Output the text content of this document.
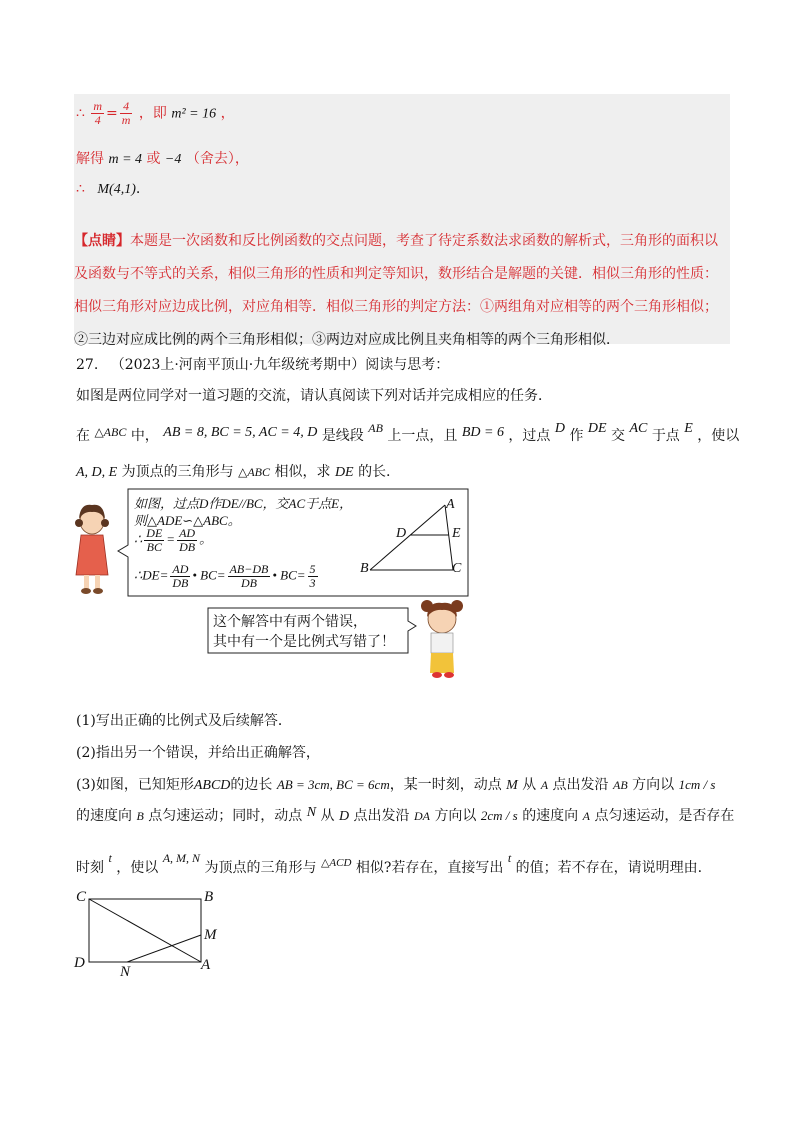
∴ $\frac{m}{4} = \frac{4}{m}$ ，即 m² = 16 ，
解得 m = 4 或 −4 （舍去），
∴ M(4,1).
【点睛】本题是一次函数和反比例函数的交点问题，考查了待定系数法求函数的解析式，三角形的面积以
及函数与不等式的关系，相似三角形的性质和判定等知识，数形结合是解题的关键．相似三角形的性质：
相似三角形对应边成比例，对应角相等．相似三角形的判定方法：①两组角对应相等的两个三角形相似；
②三边对应成比例的两个三角形相似；③两边对应成比例且夹角相等的两个三角形相似．
27. （2023上·河南平顶山·九年级统考期中）阅读与思考：
如图是两位同学对一道习题的交流，请认真阅读下列对话并完成相应的任务．
在 △ABC 中， AB = 8, BC = 5, AC = 4, D 是线段 AB 上一点，且 BD = 6 ，过点 D 作 DE 交 AC 于点 E ，使以
A, D, E 为顶点的三角形与 △ABC 相似，求 DE 的长.
如图，过点D作DE//BC，交AC于点E，
则△ADE∽△ABC。
∴ $\frac{DE}{BC} = \frac{AD}{DB}$ 。
∴DE= $\frac{AD}{DB}$ • $BC= \frac{AB-DB}{DB}$ • $BC= \frac{5}{3}$
A
D	E
B	C
这个解答中有两个错误，
其中有一个是比例式写错了！
(1)写出正确的比例式及后续解答．
(2)指出另一个错误，并给出正确解答，
(3)如图，已知矩形ABCD的边长 AB = 3cm, BC = 6cm，某一时刻，动点 M 从 A 点出发沿 AB 方向以 1cm / s
的速度向 B 点匀速运动；同时，动点 N 从 D 点出发沿 DA 方向以 2cm / s 的速度向 A 点匀速运动，是否存在
时刻 t ，使以 A, M, N 为顶点的三角形与 $^{\triangle ACD}$ 相似?若存在，直接写出 t 的值；若不存在，请说明理由.
C	B
M
D
N	A
